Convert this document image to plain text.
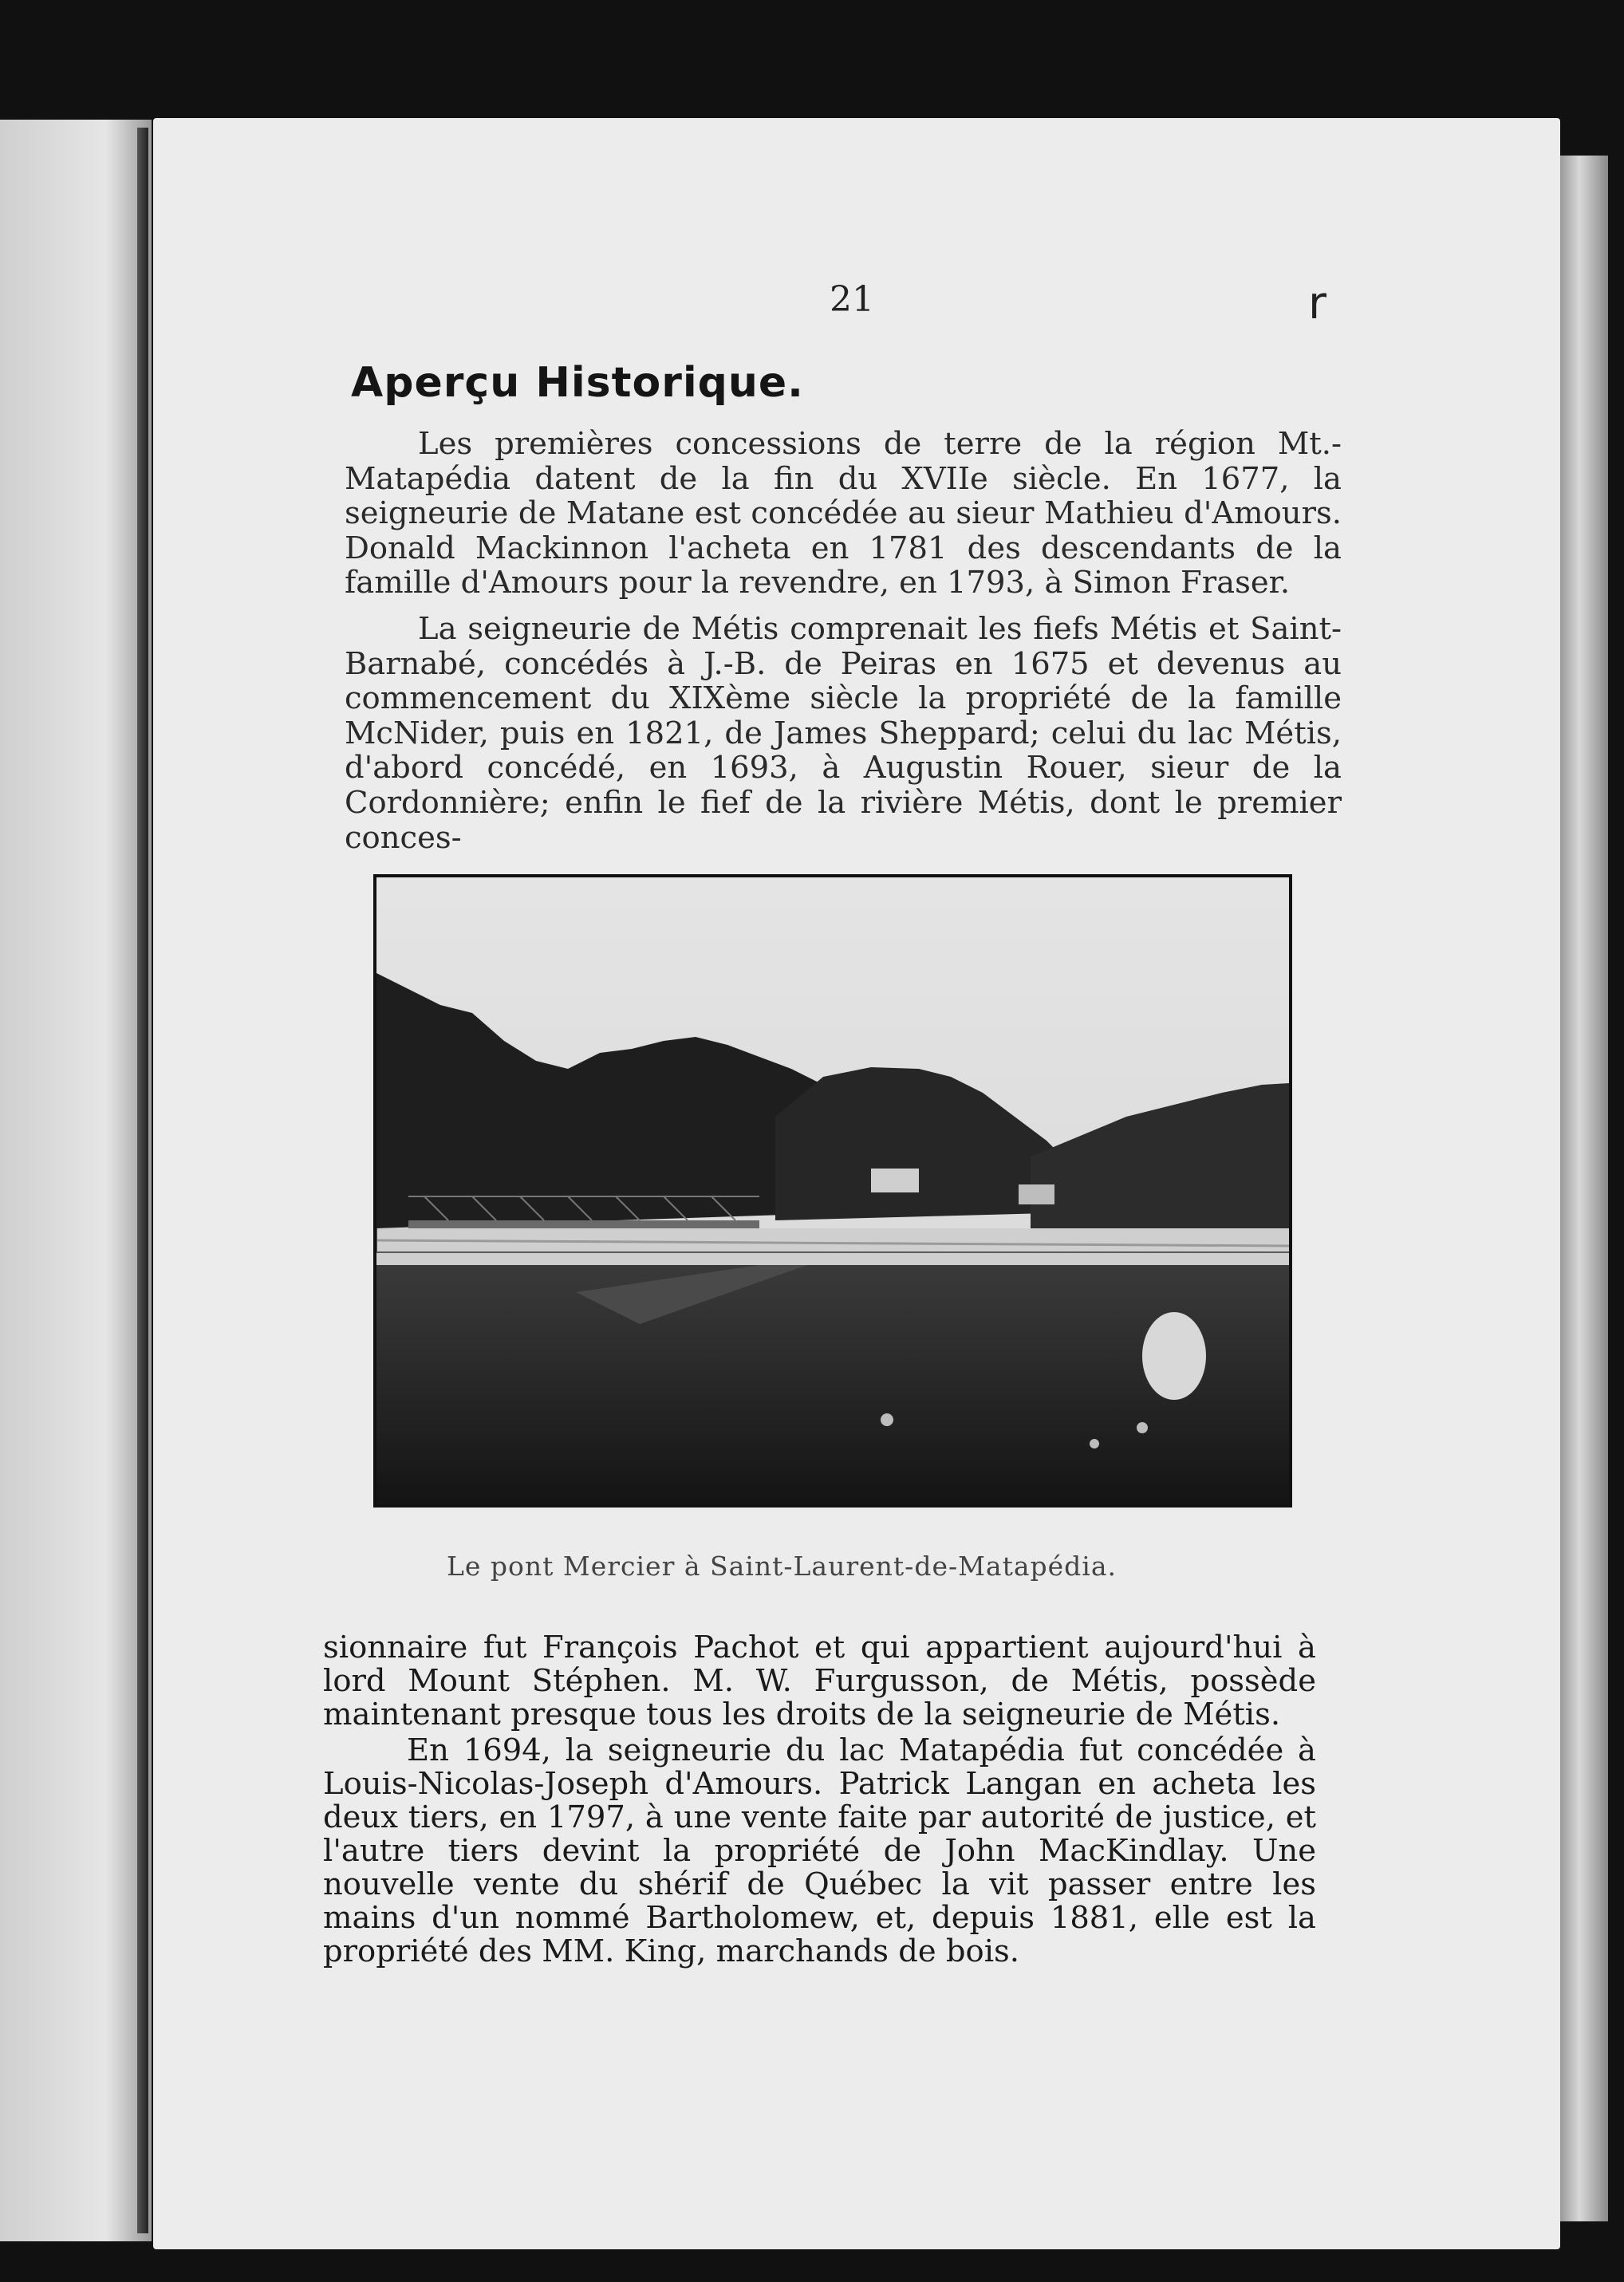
21	r
Aperçu Historique.

Les premières concessions de terre de la région Mt.-Matapédia datent de la fin du XVIIe siècle. En 1677, la seigneurie de Matane est concédée au sieur Mathieu d'Amours. Donald Mackinnon l'acheta en 1781 des descendants de la famille d'Amours pour la revendre, en 1793, à Simon Fraser.

La seigneurie de Métis comprenait les fiefs Métis et Saint-Barnabé, concédés à J.-B. de Peiras en 1675 et devenus au commencement du XIXème siècle la propriété de la famille McNider, puis en 1821, de James Sheppard; celui du lac Métis, d'abord concédé, en 1693, à Augustin Rouer, sieur de la Cordonnière; enfin le fief de la rivière Métis, dont le premier conces-

Le pont Mercier à Saint-Laurent-de-Matapédia.

sionnaire fut François Pachot et qui appartient aujourd'hui à lord Mount Stéphen. M. W. Furgusson, de Métis, possède maintenant presque tous les droits de la seigneurie de Métis.

En 1694, la seigneurie du lac Matapédia fut concédée à Louis-Nicolas-Joseph d'Amours. Patrick Langan en acheta les deux tiers, en 1797, à une vente faite par autorité de justice, et l'autre tiers devint la propriété de John MacKindlay. Une nouvelle vente du shérif de Québec la vit passer entre les mains d'un nommé Bartholomew, et, depuis 1881, elle est la propriété des MM. King, marchands de bois.
